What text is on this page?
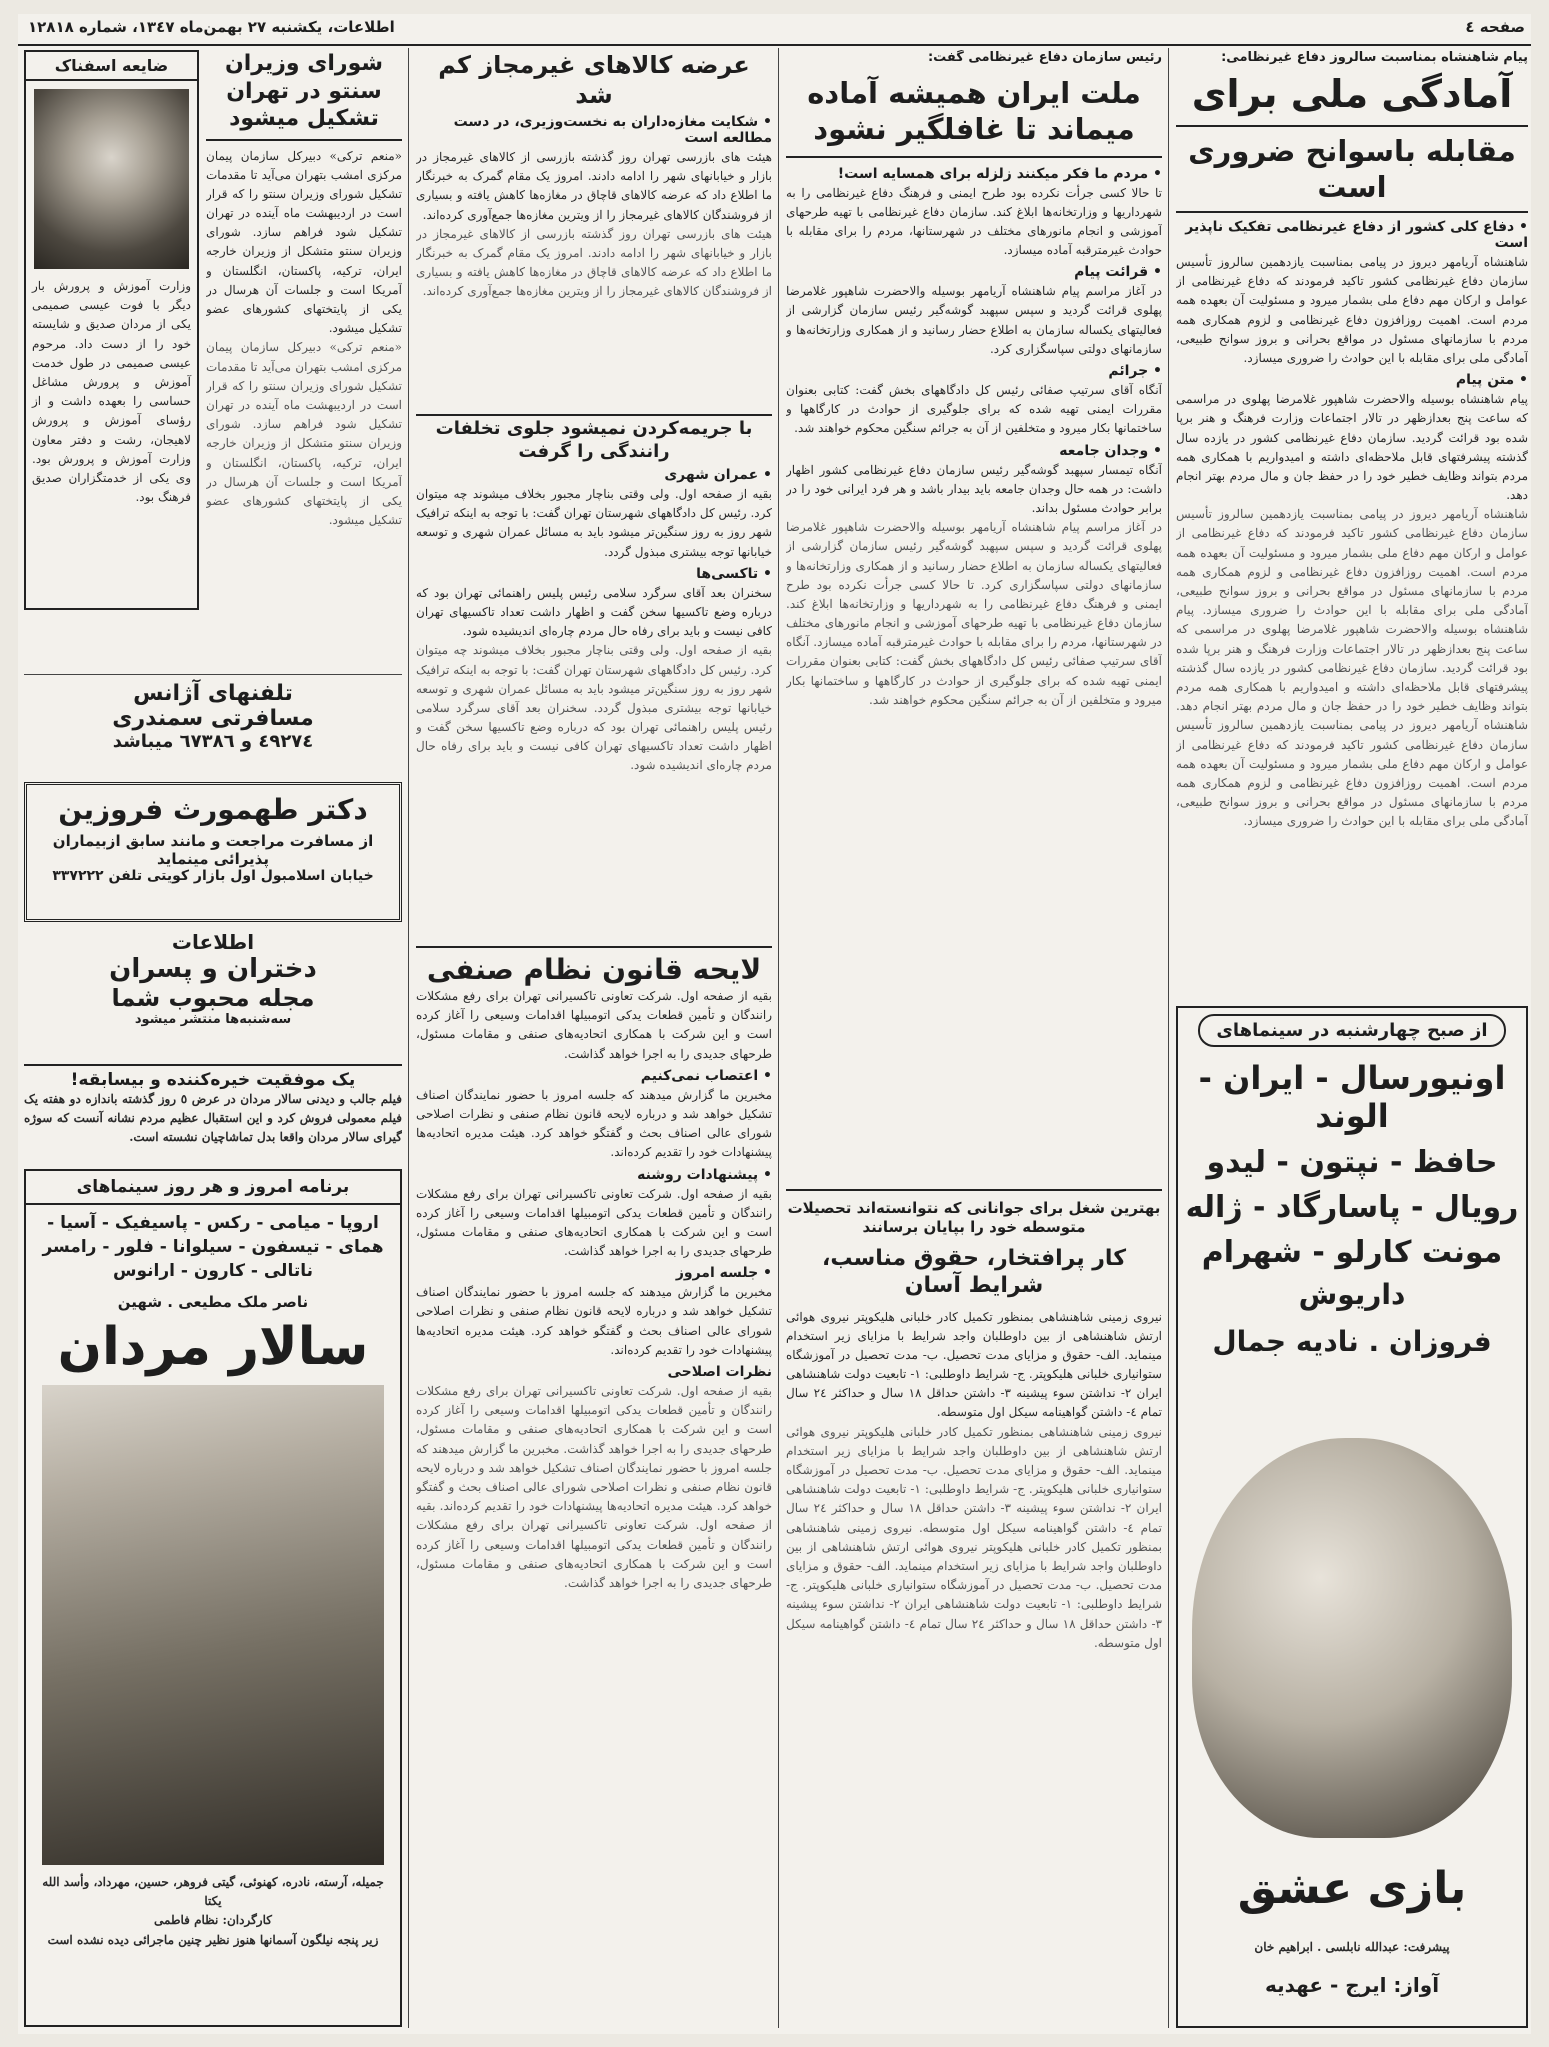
صفحه ٤
اطلاعات، یکشنبه ٢٧ بهمن‌ماه ١٣٤٧، شماره ١٢٨١٨
پیام شاهنشاه بمناسبت سالروز دفاع غیرنظامی:
آمادگی ملی برای
مقابله باسوانح ضروری است
• دفاع کلی کشور از دفاع غیرنظامی تفکیک ناپذیر است
شاهنشاه آریامهر دیروز در پیامی بمناسبت یازدهمین سالروز تأسیس سازمان دفاع غیرنظامی کشور تاکید فرمودند که دفاع غیرنظامی از عوامل و ارکان مهم دفاع ملی بشمار میرود و مسئولیت آن بعهده همه مردم است. اهمیت روزافزون دفاع غیرنظامی و لزوم همکاری همه مردم با سازمانهای مسئول در مواقع بحرانی و بروز سوانح طبیعی، آمادگی ملی برای مقابله با این حوادث را ضروری میسازد.
• متن پیام
پیام شاهنشاه بوسیله والاحضرت شاهپور غلامرضا پهلوی در مراسمی که ساعت پنج بعدازظهر در تالار اجتماعات وزارت فرهنگ و هنر برپا شده بود قرائت گردید. سازمان دفاع غیرنظامی کشور در یازده سال گذشته پیشرفتهای قابل ملاحظه‌ای داشته و امیدواریم با همکاری همه مردم بتواند وظایف خطیر خود را در حفظ جان و مال مردم بهتر انجام دهد.
شاهنشاه آریامهر دیروز در پیامی بمناسبت یازدهمین سالروز تأسیس سازمان دفاع غیرنظامی کشور تاکید فرمودند که دفاع غیرنظامی از عوامل و ارکان مهم دفاع ملی بشمار میرود و مسئولیت آن بعهده همه مردم است. اهمیت روزافزون دفاع غیرنظامی و لزوم همکاری همه مردم با سازمانهای مسئول در مواقع بحرانی و بروز سوانح طبیعی، آمادگی ملی برای مقابله با این حوادث را ضروری میسازد. پیام شاهنشاه بوسیله والاحضرت شاهپور غلامرضا پهلوی در مراسمی که ساعت پنج بعدازظهر در تالار اجتماعات وزارت فرهنگ و هنر برپا شده بود قرائت گردید. سازمان دفاع غیرنظامی کشور در یازده سال گذشته پیشرفتهای قابل ملاحظه‌ای داشته و امیدواریم با همکاری همه مردم بتواند وظایف خطیر خود را در حفظ جان و مال مردم بهتر انجام دهد. شاهنشاه آریامهر دیروز در پیامی بمناسبت یازدهمین سالروز تأسیس سازمان دفاع غیرنظامی کشور تاکید فرمودند که دفاع غیرنظامی از عوامل و ارکان مهم دفاع ملی بشمار میرود و مسئولیت آن بعهده همه مردم است. اهمیت روزافزون دفاع غیرنظامی و لزوم همکاری همه مردم با سازمانهای مسئول در مواقع بحرانی و بروز سوانح طبیعی، آمادگی ملی برای مقابله با این حوادث را ضروری میسازد.
از صبح چهارشنبه در سینماهای
اونیورسال - ایران - الوند
حافظ - نپتون - لیدو
رویال - پاسارگاد - ژاله
مونت کارلو - شهرام
داریوش
فروزان . نادیه جمال
بازی عشق
پیشرفت: عبدالله نابلسی . ابراهیم خان
آواز: ایرج - عهدیه
رئیس سازمان دفاع غیرنظامی گفت:
ملت ایران همیشه آماده میماند تا غافلگیر نشود
• مردم ما فکر میکنند زلزله برای همسایه است!
تا حالا کسی جرأت نکرده بود طرح ایمنی و فرهنگ دفاع غیرنظامی را به شهرداریها و وزارتخانه‌ها ابلاغ کند. سازمان دفاع غیرنظامی با تهیه طرحهای آموزشی و انجام مانورهای مختلف در شهرستانها، مردم را برای مقابله با حوادث غیرمترقبه آماده میسازد.
• قرائت پیام
در آغاز مراسم پیام شاهنشاه آریامهر بوسیله والاحضرت شاهپور غلامرضا پهلوی قرائت گردید و سپس سپهبد گوشه‌گیر رئیس سازمان گزارشی از فعالیتهای یکساله سازمان به اطلاع حضار رسانید و از همکاری وزارتخانه‌ها و سازمانهای دولتی سپاسگزاری کرد.
• جرائم
آنگاه آقای سرتیپ صفائی رئیس کل دادگاههای بخش گفت: کتابی بعنوان مقررات ایمنی تهیه شده که برای جلوگیری از حوادث در کارگاهها و ساختمانها بکار میرود و متخلفین از آن به جرائم سنگین محکوم خواهند شد.
• وجدان جامعه
آنگاه تیمسار سپهبد گوشه‌گیر رئیس سازمان دفاع غیرنظامی کشور اظهار داشت: در همه حال وجدان جامعه باید بیدار باشد و هر فرد ایرانی خود را در برابر حوادث مسئول بداند.
در آغاز مراسم پیام شاهنشاه آریامهر بوسیله والاحضرت شاهپور غلامرضا پهلوی قرائت گردید و سپس سپهبد گوشه‌گیر رئیس سازمان گزارشی از فعالیتهای یکساله سازمان به اطلاع حضار رسانید و از همکاری وزارتخانه‌ها و سازمانهای دولتی سپاسگزاری کرد. تا حالا کسی جرأت نکرده بود طرح ایمنی و فرهنگ دفاع غیرنظامی را به شهرداریها و وزارتخانه‌ها ابلاغ کند. سازمان دفاع غیرنظامی با تهیه طرحهای آموزشی و انجام مانورهای مختلف در شهرستانها، مردم را برای مقابله با حوادث غیرمترقبه آماده میسازد. آنگاه آقای سرتیپ صفائی رئیس کل دادگاههای بخش گفت: کتابی بعنوان مقررات ایمنی تهیه شده که برای جلوگیری از حوادث در کارگاهها و ساختمانها بکار میرود و متخلفین از آن به جرائم سنگین محکوم خواهند شد.
بهترین شغل برای جوانانی که نتوانسته‌اند تحصیلات متوسطه خود را بپایان برسانند
کار پرافتخار، حقوق مناسب، شرایط آسان
نیروی زمینی شاهنشاهی بمنظور تکمیل کادر خلبانی هلیکوپتر نیروی هوائی ارتش شاهنشاهی از بین داوطلبان واجد شرایط با مزایای زیر استخدام مینماید. الف- حقوق و مزایای مدت تحصیل. ب- مدت تحصیل در آموزشگاه ستوانیاری خلبانی هلیکوپتر. ج- شرایط داوطلبی: ١- تابعیت دولت شاهنشاهی ایران ٢- نداشتن سوء پیشینه ٣- داشتن حداقل ١٨ سال و حداکثر ٢٤ سال تمام ٤- داشتن گواهینامه سیکل اول متوسطه.
نیروی زمینی شاهنشاهی بمنظور تکمیل کادر خلبانی هلیکوپتر نیروی هوائی ارتش شاهنشاهی از بین داوطلبان واجد شرایط با مزایای زیر استخدام مینماید. الف- حقوق و مزایای مدت تحصیل. ب- مدت تحصیل در آموزشگاه ستوانیاری خلبانی هلیکوپتر. ج- شرایط داوطلبی: ١- تابعیت دولت شاهنشاهی ایران ٢- نداشتن سوء پیشینه ٣- داشتن حداقل ١٨ سال و حداکثر ٢٤ سال تمام ٤- داشتن گواهینامه سیکل اول متوسطه. نیروی زمینی شاهنشاهی بمنظور تکمیل کادر خلبانی هلیکوپتر نیروی هوائی ارتش شاهنشاهی از بین داوطلبان واجد شرایط با مزایای زیر استخدام مینماید. الف- حقوق و مزایای مدت تحصیل. ب- مدت تحصیل در آموزشگاه ستوانیاری خلبانی هلیکوپتر. ج- شرایط داوطلبی: ١- تابعیت دولت شاهنشاهی ایران ٢- نداشتن سوء پیشینه ٣- داشتن حداقل ١٨ سال و حداکثر ٢٤ سال تمام ٤- داشتن گواهینامه سیکل اول متوسطه.
عرضه کالاهای غیرمجاز کم شد
• شکایت مغازه‌داران به نخست‌وزیری، در دست مطالعه است
هیئت های بازرسی تهران روز گذشته بازرسی از کالاهای غیرمجاز در بازار و خیابانهای شهر را ادامه دادند. امروز یک مقام گمرک به خبرنگار ما اطلاع داد که عرضه کالاهای قاچاق در مغازه‌ها کاهش یافته و بسیاری از فروشندگان کالاهای غیرمجاز را از ویترین مغازه‌ها جمع‌آوری کرده‌اند.
هیئت های بازرسی تهران روز گذشته بازرسی از کالاهای غیرمجاز در بازار و خیابانهای شهر را ادامه دادند. امروز یک مقام گمرک به خبرنگار ما اطلاع داد که عرضه کالاهای قاچاق در مغازه‌ها کاهش یافته و بسیاری از فروشندگان کالاهای غیرمجاز را از ویترین مغازه‌ها جمع‌آوری کرده‌اند.
با جریمه‌کردن نمیشود جلوی تخلفات رانندگی را گرفت
• عمران شهری
بقیه از صفحه اول. ولی وقتی بناچار مجبور بخلاف میشوند چه میتوان کرد. رئیس کل دادگاههای شهرستان تهران گفت: با توجه به اینکه ترافیک شهر روز به روز سنگین‌تر میشود باید به مسائل عمران شهری و توسعه خیابانها توجه بیشتری مبذول گردد.
• تاکسی‌ها
سخنران بعد آقای سرگرد سلامی رئیس پلیس راهنمائی تهران بود که درباره وضع تاکسیها سخن گفت و اظهار داشت تعداد تاکسیهای تهران کافی نیست و باید برای رفاه حال مردم چاره‌ای اندیشیده شود.
بقیه از صفحه اول. ولی وقتی بناچار مجبور بخلاف میشوند چه میتوان کرد. رئیس کل دادگاههای شهرستان تهران گفت: با توجه به اینکه ترافیک شهر روز به روز سنگین‌تر میشود باید به مسائل عمران شهری و توسعه خیابانها توجه بیشتری مبذول گردد. سخنران بعد آقای سرگرد سلامی رئیس پلیس راهنمائی تهران بود که درباره وضع تاکسیها سخن گفت و اظهار داشت تعداد تاکسیهای تهران کافی نیست و باید برای رفاه حال مردم چاره‌ای اندیشیده شود.
لایحه قانون نظام صنفی
بقیه از صفحه اول. شرکت تعاونی تاکسیرانی تهران برای رفع مشکلات رانندگان و تأمین قطعات یدکی اتومبیلها اقدامات وسیعی را آغاز کرده است و این شرکت با همکاری اتحادیه‌های صنفی و مقامات مسئول، طرحهای جدیدی را به اجرا خواهد گذاشت.
• اعتصاب نمی‌کنیم
مخبرین ما گزارش میدهند که جلسه امروز با حضور نمایندگان اصناف تشکیل خواهد شد و درباره لایحه قانون نظام صنفی و نظرات اصلاحی شورای عالی اصناف بحث و گفتگو خواهد کرد. هیئت مدیره اتحادیه‌ها پیشنهادات خود را تقدیم کرده‌اند.
• پیشنهادات روشنه
بقیه از صفحه اول. شرکت تعاونی تاکسیرانی تهران برای رفع مشکلات رانندگان و تأمین قطعات یدکی اتومبیلها اقدامات وسیعی را آغاز کرده است و این شرکت با همکاری اتحادیه‌های صنفی و مقامات مسئول، طرحهای جدیدی را به اجرا خواهد گذاشت.
• جلسه امروز
مخبرین ما گزارش میدهند که جلسه امروز با حضور نمایندگان اصناف تشکیل خواهد شد و درباره لایحه قانون نظام صنفی و نظرات اصلاحی شورای عالی اصناف بحث و گفتگو خواهد کرد. هیئت مدیره اتحادیه‌ها پیشنهادات خود را تقدیم کرده‌اند.
نظرات اصلاحی
بقیه از صفحه اول. شرکت تعاونی تاکسیرانی تهران برای رفع مشکلات رانندگان و تأمین قطعات یدکی اتومبیلها اقدامات وسیعی را آغاز کرده است و این شرکت با همکاری اتحادیه‌های صنفی و مقامات مسئول، طرحهای جدیدی را به اجرا خواهد گذاشت. مخبرین ما گزارش میدهند که جلسه امروز با حضور نمایندگان اصناف تشکیل خواهد شد و درباره لایحه قانون نظام صنفی و نظرات اصلاحی شورای عالی اصناف بحث و گفتگو خواهد کرد. هیئت مدیره اتحادیه‌ها پیشنهادات خود را تقدیم کرده‌اند. بقیه از صفحه اول. شرکت تعاونی تاکسیرانی تهران برای رفع مشکلات رانندگان و تأمین قطعات یدکی اتومبیلها اقدامات وسیعی را آغاز کرده است و این شرکت با همکاری اتحادیه‌های صنفی و مقامات مسئول، طرحهای جدیدی را به اجرا خواهد گذاشت.
ضایعه اسفناک
وزارت آموزش و پرورش بار دیگر با فوت عیسی صمیمی یکی از مردان صدیق و شایسته خود را از دست داد. مرحوم عیسی صمیمی در طول خدمت آموزش و پرورش مشاغل حساسی را بعهده داشت و از رؤسای آموزش و پرورش لاهیجان، رشت و دفتر معاون وزارت آموزش و پرورش بود. وی یکی از خدمتگزاران صدیق فرهنگ بود.
شورای وزیران سنتو در تهران تشکیل میشود
«منعم ترکی» دبیرکل سازمان پیمان مرکزی امشب بتهران می‌آید تا مقدمات تشکیل شورای وزیران سنتو را که قرار است در اردیبهشت ماه آینده در تهران تشکیل شود فراهم سازد. شورای وزیران سنتو متشکل از وزیران خارجه ایران، ترکیه، پاکستان، انگلستان و آمریکا است و جلسات آن هرسال در یکی از پایتختهای کشورهای عضو تشکیل میشود.
«منعم ترکی» دبیرکل سازمان پیمان مرکزی امشب بتهران می‌آید تا مقدمات تشکیل شورای وزیران سنتو را که قرار است در اردیبهشت ماه آینده در تهران تشکیل شود فراهم سازد. شورای وزیران سنتو متشکل از وزیران خارجه ایران، ترکیه، پاکستان، انگلستان و آمریکا است و جلسات آن هرسال در یکی از پایتختهای کشورهای عضو تشکیل میشود.
تلفنهای آژانس
مسافرتی سمندری
٤٩٢٧٤ و ٦٧٣٨٦ میباشد
دکتر طهمورث فروزین
از مسافرت مراجعت و مانند سابق ازبیماران
پذیرائی مینماید
خیابان اسلامبول اول بازار کویتی تلفن ٣٣٧٢٢٢
اطلاعات
دختران و پسران
مجله محبوب شما
سه‌شنبه‌ها منتشر میشود
یک موفقیت خیره‌کننده و بیسابقه!
فیلم جالب و دیدنی سالار مردان در عرض ٥ روز گذشته باندازه دو هفته یک فیلم معمولی فروش کرد و این استقبال عظیم مردم نشانه آنست که سوژه گیرای سالار مردان واقعا بدل تماشاچیان نشسته است.
برنامه امروز و هر روز سینماهای
اروپا - میامی - رکس - پاسیفیک - آسیا -
همای - تیسفون - سیلوانا - فلور - رامسر
ناتالی - کارون - ارانوس
ناصر ملک مطیعی . شهین
سالار مردان
جمیله، آرسته، نادره، کهنوئی، گیتی فروهر، حسین، مهرداد، وأسد الله یکتا
کارگردان: نظام فاطمی
زیر پنجه نیلگون آسمانها هنوز نظیر چنین ماجرائی دیده نشده است
